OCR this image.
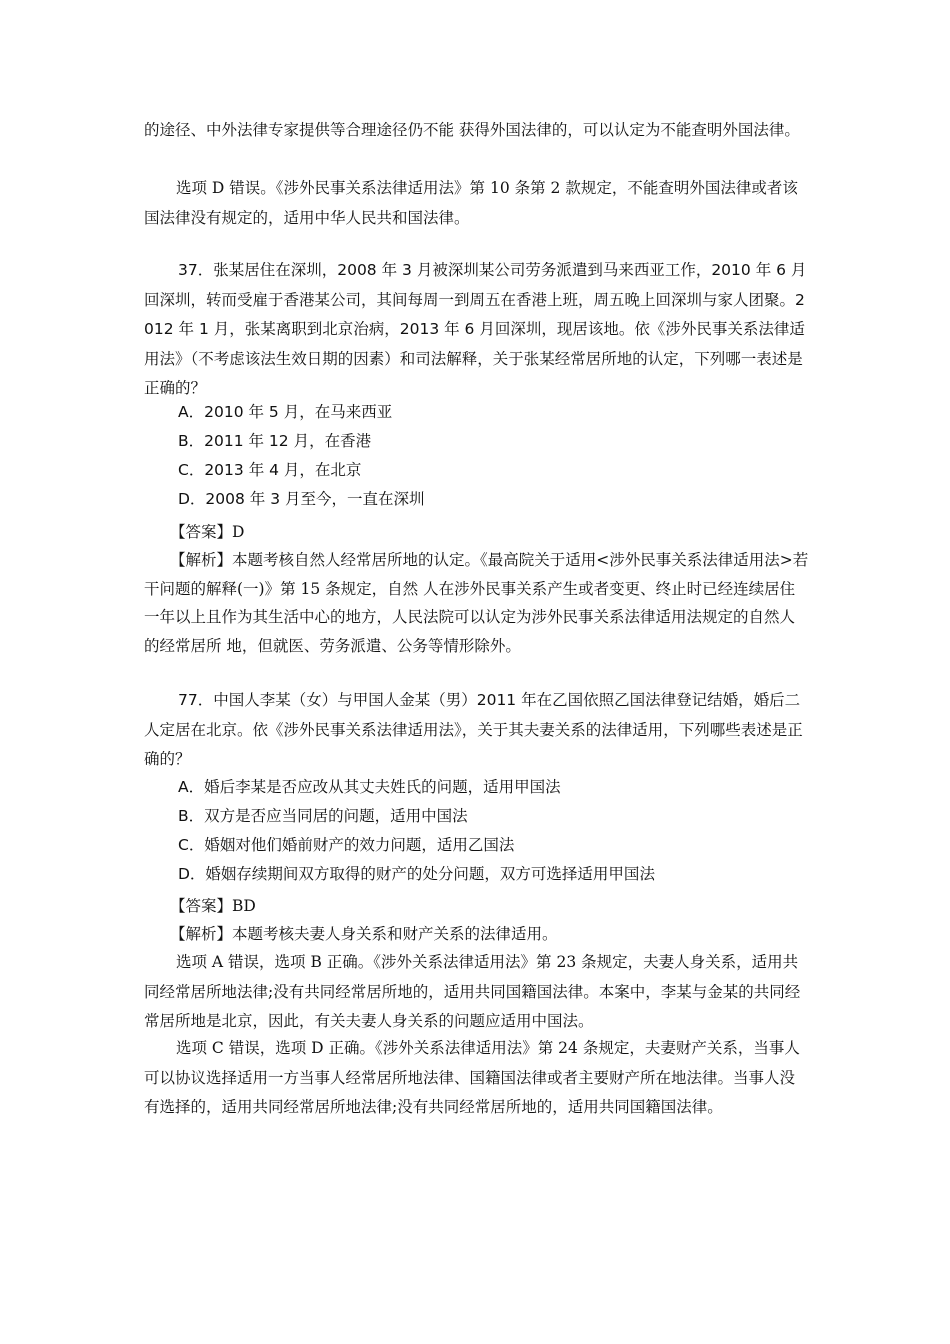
的途径、中外法律专家提供等合理途径仍不能 获得外国法律的，可以认定为不能查明外国法律。

选项 D 错误。《涉外民事关系法律适用法》第 10 条第 2 款规定，不能查明外国法律或者该国法律没有规定的，适用中华人民共和国法律。

37．张某居住在深圳，2008 年 3 月被深圳某公司劳务派遣到马来西亚工作，2010 年 6 月回深圳，转而受雇于香港某公司，其间每周一到周五在香港上班，周五晚上回深圳与家人团聚。2012 年 1 月，张某离职到北京治病，2013 年 6 月回深圳，现居该地。依《涉外民事关系法律适用法》（不考虑该法生效日期的因素）和司法解释，关于张某经常居所地的认定，下列哪一表述是正确的？

A．2010 年 5 月，在马来西亚

B．2011 年 12 月，在香港

C．2013 年 4 月，在北京

D．2008 年 3 月至今，一直在深圳

【答案】D

【解析】本题考核自然人经常居所地的认定。《最高院关于适用<涉外民事关系法律适用法>若干问题的解释(一)》第 15 条规定，自然 人在涉外民事关系产生或者变更、终止时已经连续居住一年以上且作为其生活中心的地方，人民法院可以认定为涉外民事关系法律适用法规定的自然人的经常居所 地，但就医、劳务派遣、公务等情形除外。

77．中国人李某（女）与甲国人金某（男）2011 年在乙国依照乙国法律登记结婚，婚后二人定居在北京。依《涉外民事关系法律适用法》，关于其夫妻关系的法律适用，下列哪些表述是正确的？

A．婚后李某是否应改从其丈夫姓氏的问题，适用甲国法

B．双方是否应当同居的问题，适用中国法

C．婚姻对他们婚前财产的效力问题，适用乙国法

D．婚姻存续期间双方取得的财产的处分问题，双方可选择适用甲国法

【答案】BD

【解析】本题考核夫妻人身关系和财产关系的法律适用。

选项 A 错误，选项 B 正确。《涉外关系法律适用法》第 23 条规定，夫妻人身关系，适用共同经常居所地法律;没有共同经常居所地的，适用共同国籍国法律。本案中，李某与金某的共同经常居所地是北京，因此，有关夫妻人身关系的问题应适用中国法。

选项 C 错误，选项 D 正确。《涉外关系法律适用法》第 24 条规定，夫妻财产关系，当事人可以协议选择适用一方当事人经常居所地法律、国籍国法律或者主要财产所在地法律。当事人没有选择的，适用共同经常居所地法律;没有共同经常居所地的，适用共同国籍国法律。
